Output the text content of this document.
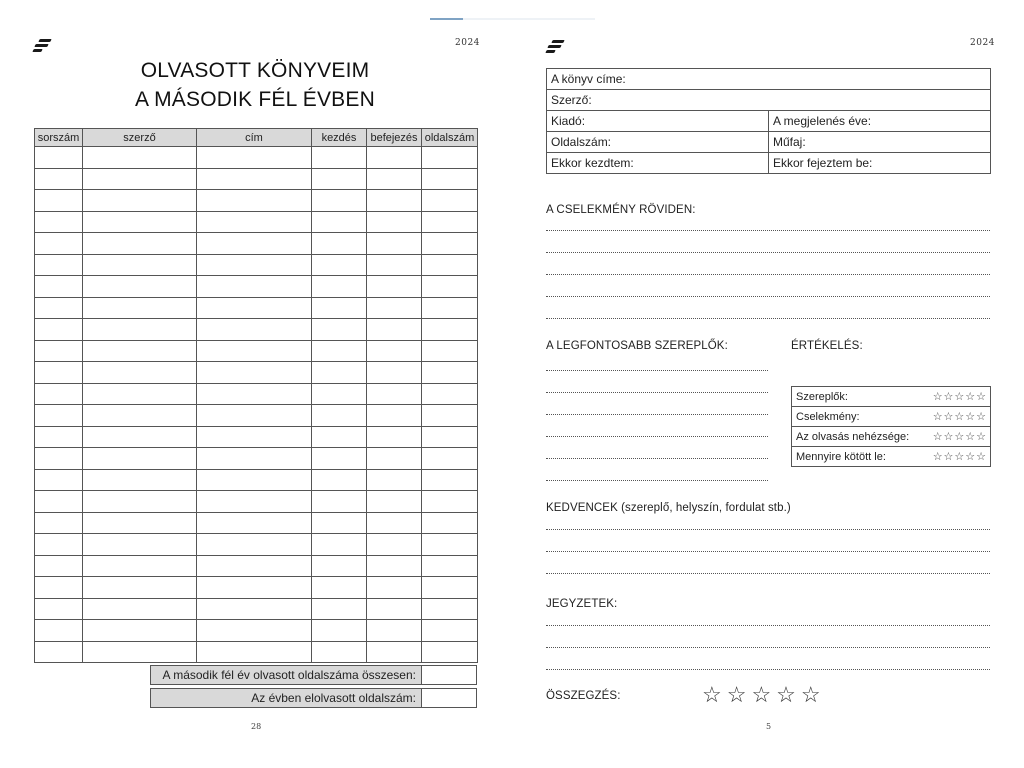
2024
OLVASOTT KÖNYVEIM
A MÁSODIK FÉL ÉVBEN
sorszám	szerző	cím	kezdés	befejezés	oldalszám

A második fél év olvasott oldalszáma összesen:
Az évben elolvasott oldalszám:
28
2024
A könyv címe:	
Szerző:	
Kiadó:	A megjelenés éve:
Oldalszám:	Műfaj:
Ekkor kezdtem:	Ekkor fejeztem be:
A CSELEKMÉNY RÖVIDEN:
A LEGFONTOSABB SZEREPLŐK:	ÉRTÉKELÉS:
Szereplők:	☆☆☆☆☆
Cselekmény:	☆☆☆☆☆
Az olvasás nehézsége:	☆☆☆☆☆
Mennyire kötött le:	☆☆☆☆☆
KEDVENCEK (szereplő, helyszín, fordulat stb.)
JEGYZETEK:
ÖSSZEGZÉS:	☆☆☆☆☆
5
